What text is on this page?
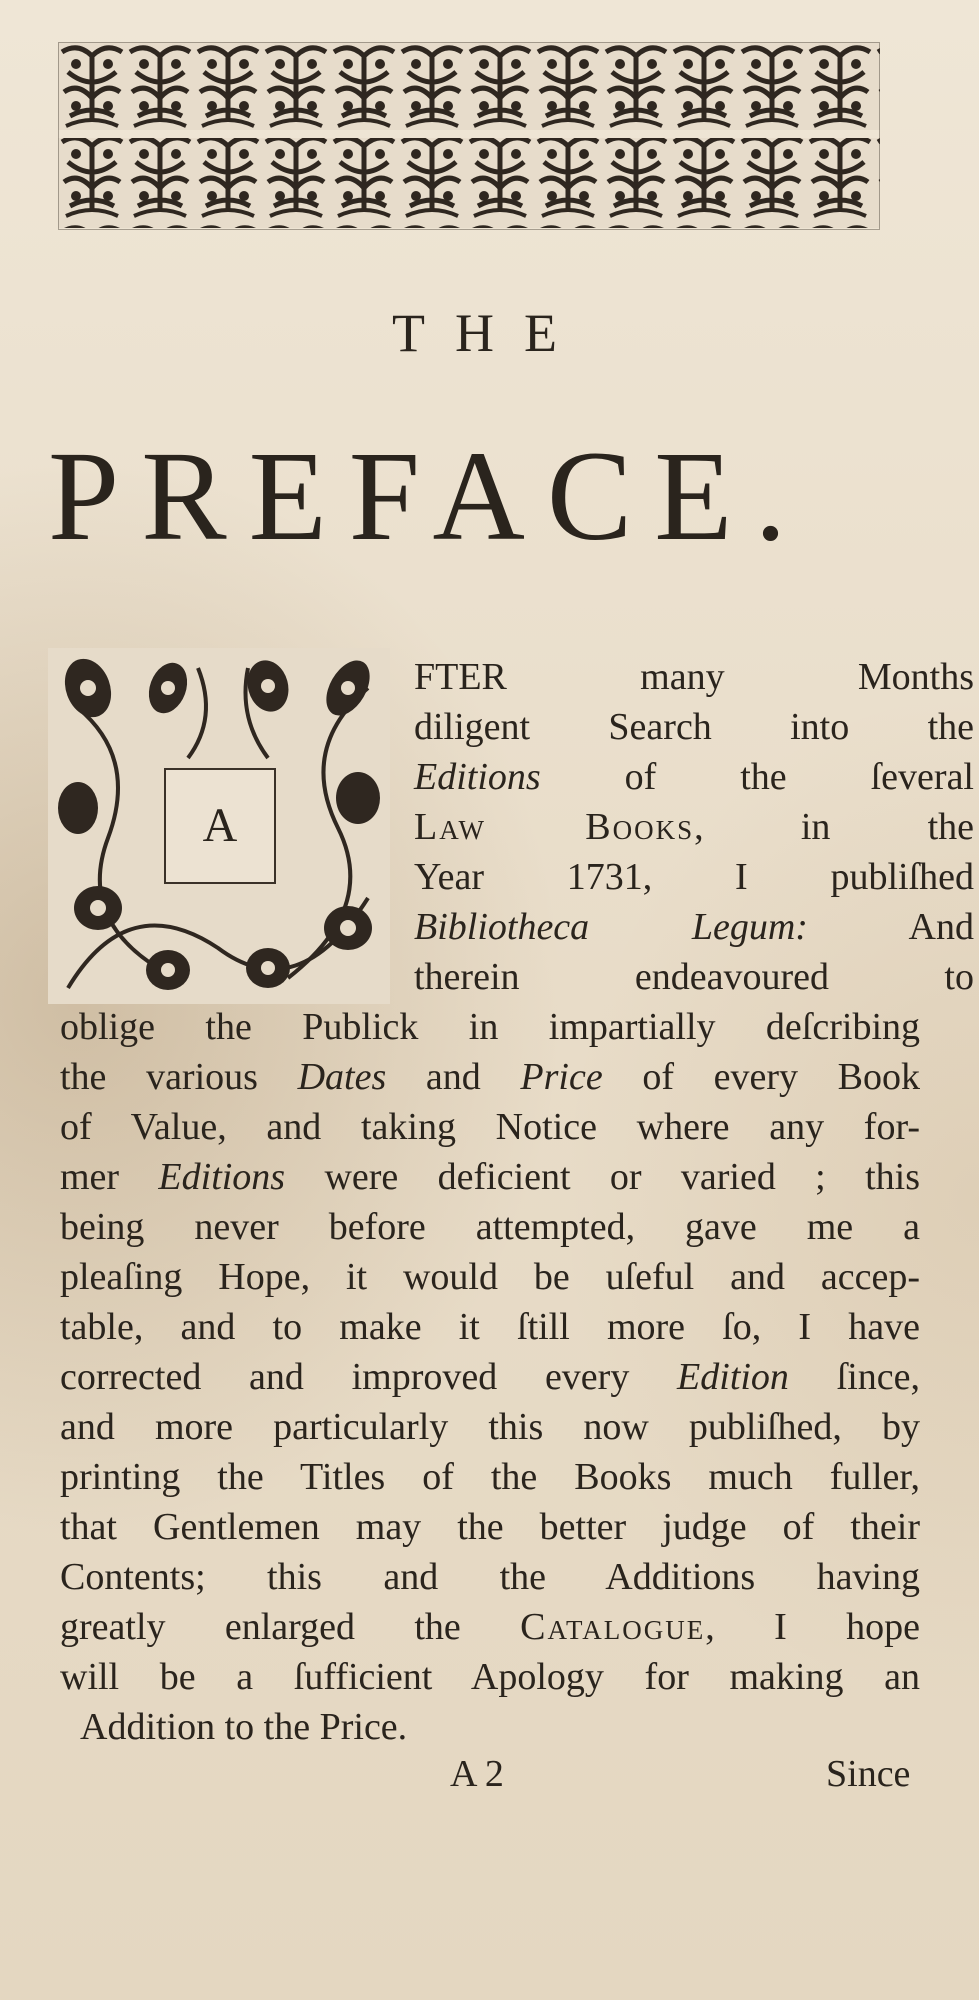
THE
PREFACE.
A
FTER many Months
diligent Search into the
Editions of the ſeveral
Law Books, in the
Year 1731, I publiſhed
Bibliotheca Legum: And
therein endeavoured to
oblige the Publick in impartially deſcribing
the various Dates and Price of every Book
of Value, and taking Notice where any for-
mer Editions were deficient or varied ; this
being never before attempted, gave me a
pleaſing Hope, it would be uſeful and accep-
table, and to make it ſtill more ſo, I have
corrected and improved every Edition ſince,
and more particularly this now publiſhed, by
printing the Titles of the Books much fuller,
that Gentlemen may the better judge of their
Contents; this and the Additions having
greatly enlarged the Catalogue, I hope
will be a ſufficient Apology for making an
Addition to the Price.
A 2	Since
